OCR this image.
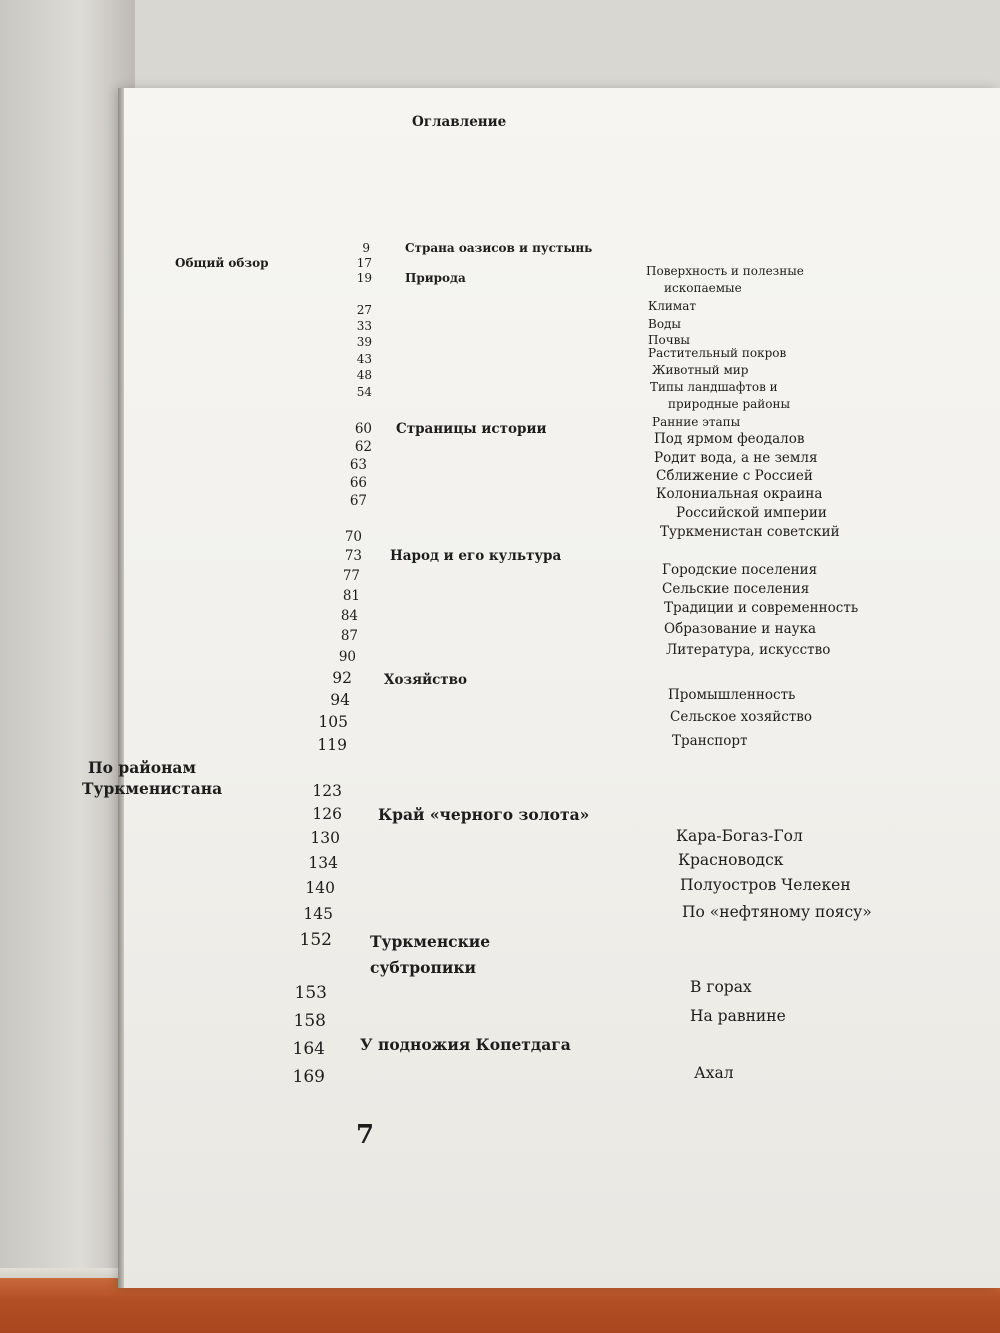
Оглавление
Общий обзор
По районам
Туркменистана
9
17
19
27
33
39
43
48
54
60
62
63
66
67
70
73
77
81
84
87
90
92
94
105
119
123
126
130
134
140
145
152
153
158
164
169
Страна оазисов и пустынь
Природа
Страницы истории
Народ и его культура
Хозяйство
Край «черного золота»
Туркменские
субтропики
У подножия Копетдага
Поверхность и полезные
ископаемые
Климат
Воды
Почвы
Растительный покров
Животный мир
Типы ландшафтов и
природные районы
Ранние этапы
Под ярмом феодалов
Родит вода, а не земля
Сближение с Россией
Колониальная окраина
Российской империи
Туркменистан советский
Городские поселения
Сельские поселения
Традиции и современность
Образование и наука
Литература, искусство
Промышленность
Сельское хозяйство
Транспорт
Кара-Богаз-Гол
Красноводск
Полуостров Челекен
По «нефтяному поясу»
В горах
На равнине
Ахал
7
